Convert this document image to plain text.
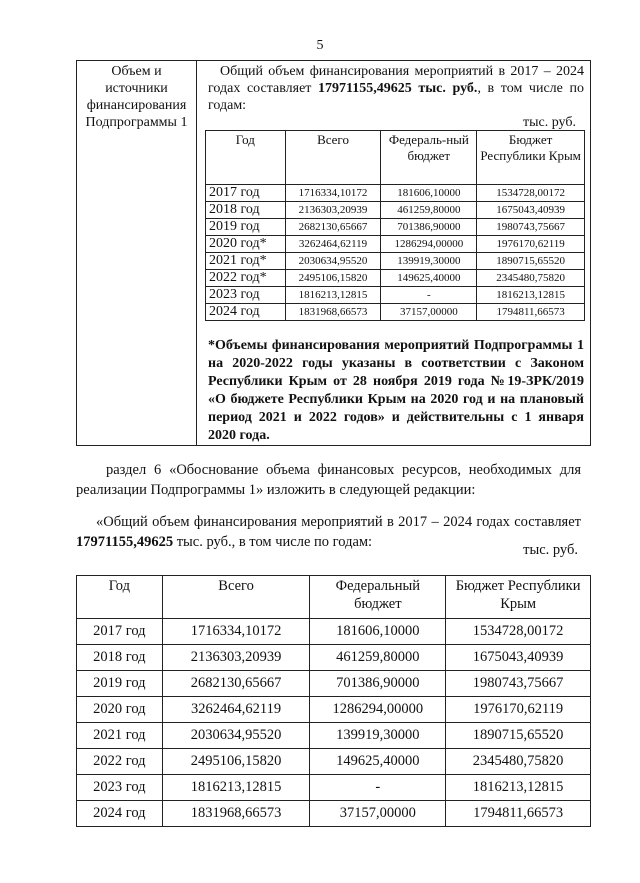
5
Объем и
источники
финансирования
Подпрограммы 1

Общий объем финансирования мероприятий в 2017 – 2024 годах составляет 17971155,49625 тыс. руб., в том числе по годам:

тыс. руб.
Год	Всего	Федераль-ный бюджет	Бюджет Республики Крым
2017 год	1716334,10172	181606,10000	1534728,00172
2018 год	2136303,20939	461259,80000	1675043,40939
2019 год	2682130,65667	701386,90000	1980743,75667
2020 год*	3262464,62119	1286294,00000	1976170,62119
2021 год*	2030634,95520	139919,30000	1890715,65520
2022 год*	2495106,15820	149625,40000	2345480,75820
2023 год	1816213,12815	-	1816213,12815
2024 год	1831968,66573	37157,00000	1794811,66573

*Объемы финансирования мероприятий Подпрограммы 1 на 2020-2022 годы указаны в соответствии с Законом Республики Крым от 28 ноября 2019 года №19-ЗРК/2019 «О бюджете Республики Крым на 2020 год и на плановый период 2021 и 2022 годов» и действительны с 1 января 2020 года.

раздел 6 «Обоснование объема финансовых ресурсов, необходимых для реализации Подпрограммы 1» изложить в следующей редакции:

«Общий объем финансирования мероприятий в 2017 – 2024 годах составляет 17971155,49625 тыс. руб., в том числе по годам:	тыс. руб.
Год	Всего	Федеральный бюджет	Бюджет Республики Крым
2017 год	1716334,10172	181606,10000	1534728,00172
2018 год	2136303,20939	461259,80000	1675043,40939
2019 год	2682130,65667	701386,90000	1980743,75667
2020 год	3262464,62119	1286294,00000	1976170,62119
2021 год	2030634,95520	139919,30000	1890715,65520
2022 год	2495106,15820	149625,40000	2345480,75820
2023 год	1816213,12815	-	1816213,12815
2024 год	1831968,66573	37157,00000	1794811,66573
